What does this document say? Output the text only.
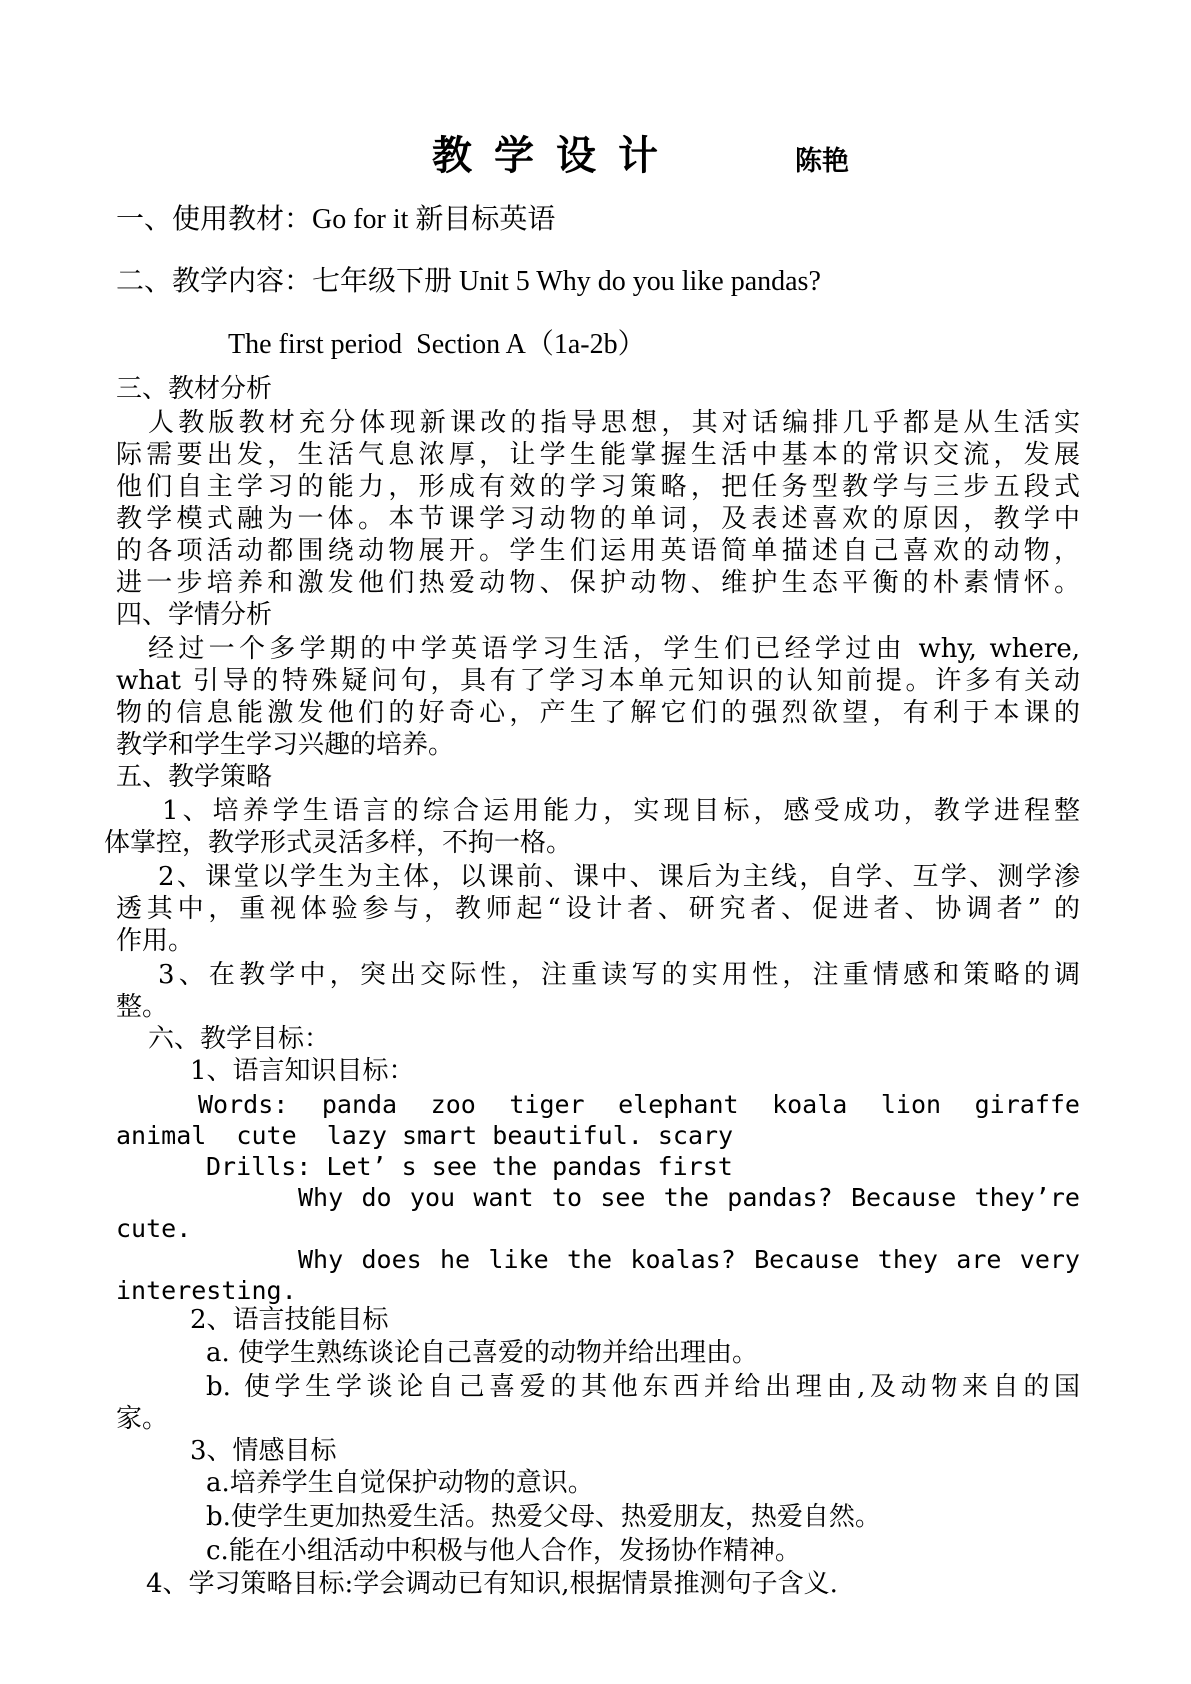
教学设计	陈艳
一、使用教材：Go for it 新目标英语
二、教学内容：七年级下册 Unit 5 Why do you like pandas?
The first period  Section A（1a-2b）
三、教材分析
人教版教材充分体现新课改的指导思想，其对话编排几乎都是从生活实
际需要出发，生活气息浓厚，让学生能掌握生活中基本的常识交流，发展
他们自主学习的能力，形成有效的学习策略，把任务型教学与三步五段式
教学模式融为一体。本节课学习动物的单词，及表述喜欢的原因，教学中
的各项活动都围绕动物展开。学生们运用英语简单描述自己喜欢的动物，
进一步培养和激发他们热爱动物、保护动物、维护生态平衡的朴素情怀。
四、学情分析
经过一个多学期的中学英语学习生活，学生们已经学过由 why, where,
what 引导的特殊疑问句，具有了学习本单元知识的认知前提。许多有关动
物的信息能激发他们的好奇心，产生了解它们的强烈欲望，有利于本课的
教学和学生学习兴趣的培养。
五、教学策略
1、培养学生语言的综合运用能力，实现目标，感受成功，教学进程整
体掌控，教学形式灵活多样，不拘一格。
2、课堂以学生为主体，以课前、课中、课后为主线，自学、互学、测学渗
透其中，重视体验参与，教师起“设计者、研究者、促进者、协调者” 的
作用。
3、在教学中，突出交际性，注重读写的实用性，注重情感和策略的调
整。
六、教学目标：
1、语言知识目标：
Words: panda zoo tiger elephant koala lion giraffe
animal  cute  lazy smart beautiful. scary
Drills: Let’ s see the pandas first
Why do you want to see the pandas? Because they’re
cute.
Why does he like the koalas? Because they are very
interesting.
2、语言技能目标
a. 使学生熟练谈论自己喜爱的动物并给出理由。
b. 使学生学谈论自己喜爱的其他东西并给出理由,及动物来自的国
家。
3、情感目标
a.培养学生自觉保护动物的意识。
b.使学生更加热爱生活。热爱父母、热爱朋友，热爱自然。
c.能在小组活动中积极与他人合作，发扬协作精神。
4、学习策略目标:学会调动已有知识,根据情景推测句子含义.
